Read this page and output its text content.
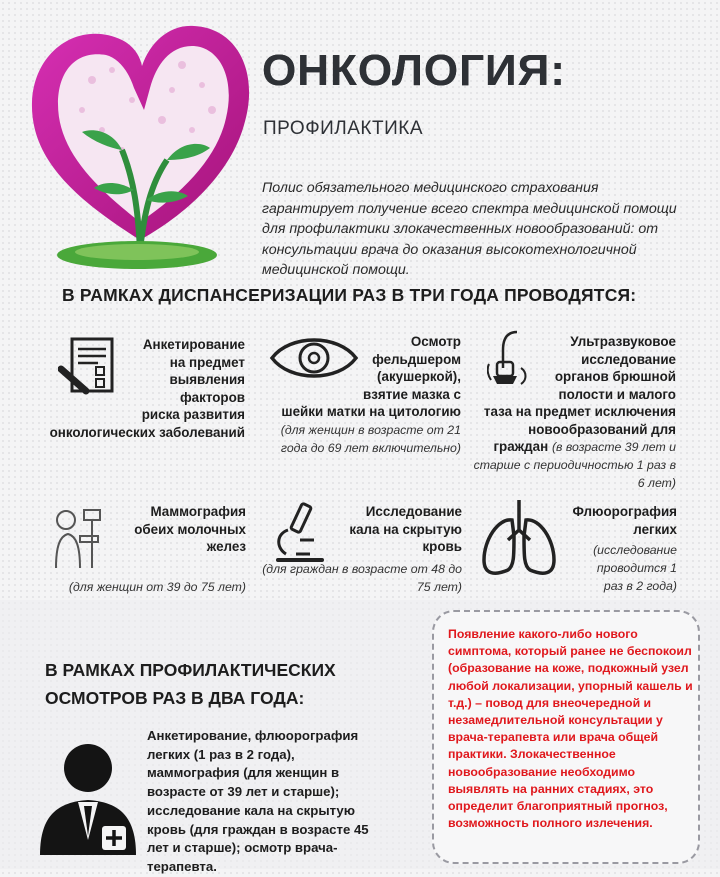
ОНКОЛОГИЯ:
ПРОФИЛАКТИКА
Полис обязательного медицинского страхования гарантирует получение всего спектра медицинской помощи для профилактики злокачественных новообразований: от консультации врача до оказания высокотехнологичной медицинской помощи.
В РАМКАХ ДИСПАНСЕРИЗАЦИИ РАЗ В ТРИ ГОДА ПРОВОДЯТСЯ:
Анкетирование
на предмет
выявления
факторов
риска развития
онкологических заболеваний
Осмотр
фельдшером
(акушеркой),
взятие мазка с
шейки матки на цитологию
(для женщин в возрасте от 21 года до 69 лет включительно)
Ультразвуковое
исследование
органов брюшной
полости и малого
таза на предмет исключения
новообразований для
граждан (в возрасте 39 лет и старше с периодичностью 1 раз в 6 лет)
Маммография
обеих молочных
желез
(для женщин от 39 до 75 лет)
Исследование
кала на скрытую
кровь
(для граждан в возрасте от 48 до 75 лет)
Флюорография
легких
(исследование проводится 1 раз в 2 года)
В РАМКАХ ПРОФИЛАКТИЧЕСКИХ ОСМОТРОВ РАЗ В ДВА ГОДА:
Анкетирование, флюорография легких (1 раз в 2 года), маммография (для женщин в возрасте от 39 лет и старше); исследование кала на скрытую кровь (для граждан в возрасте 45 лет и старше); осмотр врача-терапевта.
Появление какого-либо нового симптома, который ранее не беспокоил (образование на коже, подкожный узел любой локализации, упорный кашель и т.д.) – повод для внеочередной и незамедлительной консультации у врача-терапевта или врача общей практики. Злокачественное новообразование необходимо выявлять на ранних стадиях, это определит благоприятный прогноз, возможность полного излечения.
